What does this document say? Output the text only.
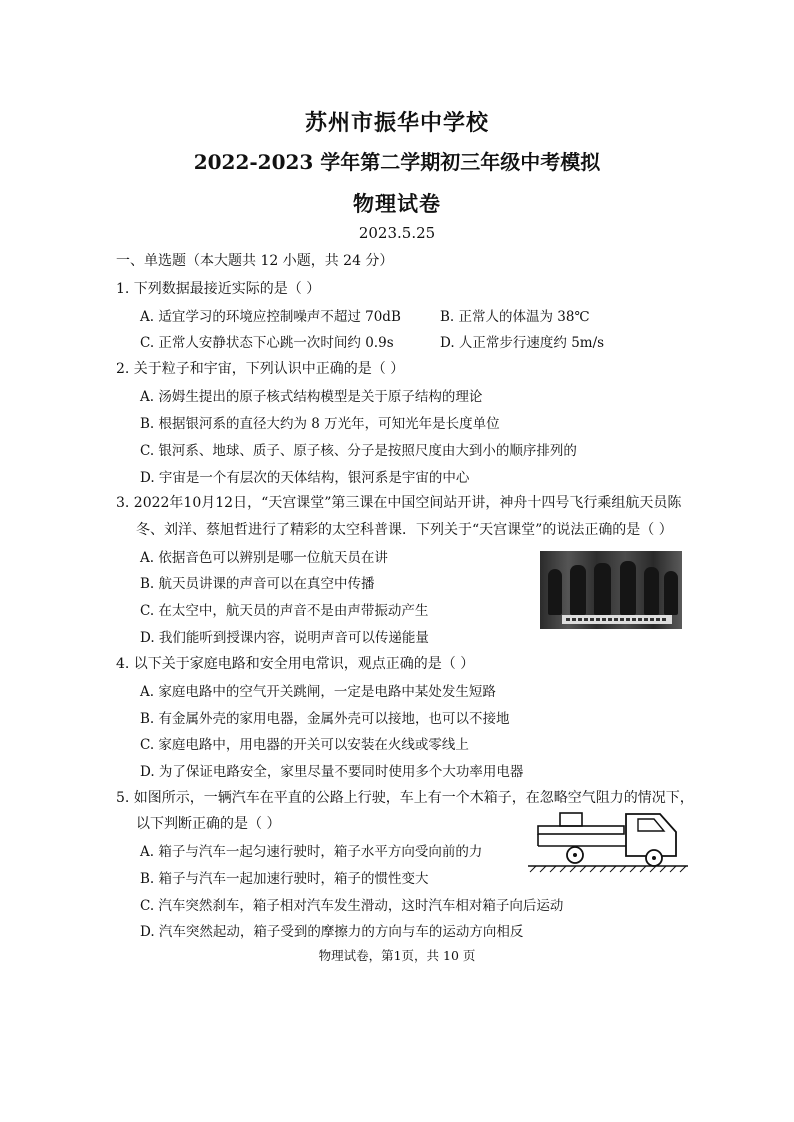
苏州市振华中学校
2022-2023 学年第二学期初三年级中考模拟
物理试卷
2023.5.25
一、单选题（本大题共 12 小题，共 24 分）
1. 下列数据最接近实际的是（ ）
A. 适宜学习的环境应控制噪声不超过 70dB	B. 正常人的体温为 38℃
C. 正常人安静状态下心跳一次时间约 0.9s	D. 人正常步行速度约 5m/s
2. 关于粒子和宇宙，下列认识中正确的是（ ）
A. 汤姆生提出的原子核式结构模型是关于原子结构的理论
B. 根据银河系的直径大约为 8 万光年，可知光年是长度单位
C. 银河系、地球、质子、原子核、分子是按照尺度由大到小的顺序排列的
D. 宇宙是一个有层次的天体结构，银河系是宇宙的中心
3. 2022年10月12日，“天宫课堂”第三课在中国空间站开讲，神舟十四号飞行乘组航天员陈
冬、刘洋、蔡旭哲进行了精彩的太空科普课．下列关于“天宫课堂”的说法正确的是（ ）
A. 依据音色可以辨别是哪一位航天员在讲
B. 航天员讲课的声音可以在真空中传播
C. 在太空中，航天员的声音不是由声带振动产生
D. 我们能听到授课内容，说明声音可以传递能量
4. 以下关于家庭电路和安全用电常识，观点正确的是（ ）
A. 家庭电路中的空气开关跳闸，一定是电路中某处发生短路
B. 有金属外壳的家用电器，金属外壳可以接地，也可以不接地
C. 家庭电路中，用电器的开关可以安装在火线或零线上
D. 为了保证电路安全，家里尽量不要同时使用多个大功率用电器
5. 如图所示，一辆汽车在平直的公路上行驶，车上有一个木箱子，在忽略空气阻力的情况下，
以下判断正确的是（ ）
A. 箱子与汽车一起匀速行驶时，箱子水平方向受向前的力
B. 箱子与汽车一起加速行驶时，箱子的惯性变大
C. 汽车突然刹车，箱子相对汽车发生滑动，这时汽车相对箱子向后运动
D. 汽车突然起动，箱子受到的摩擦力的方向与车的运动方向相反
物理试卷，第1页，共 10 页
